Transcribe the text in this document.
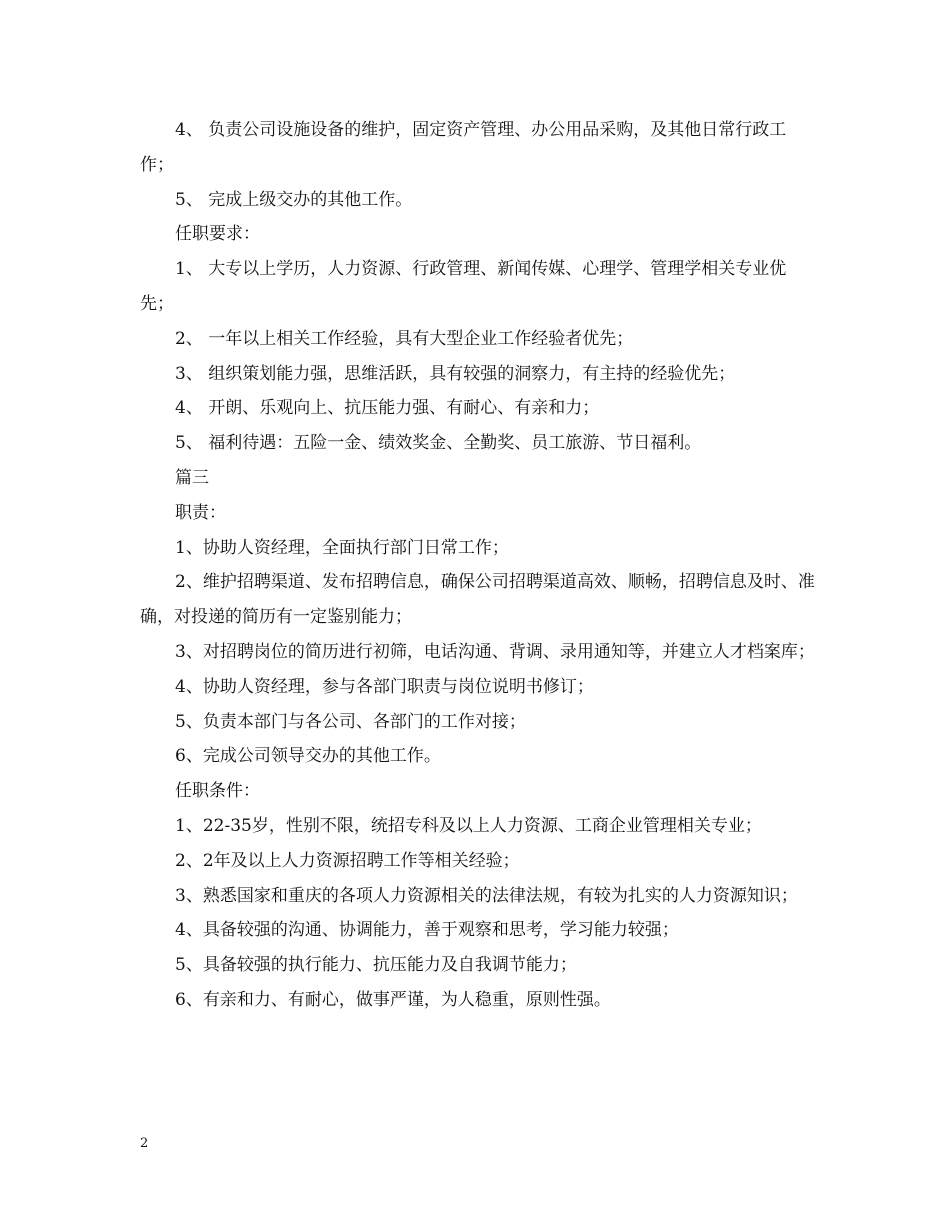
4、 负责公司设施设备的维护，固定资产管理、办公用品采购，及其他日常行政工作；

5、 完成上级交办的其他工作。

任职要求：

1、 大专以上学历，人力资源、行政管理、新闻传媒、心理学、管理学相关专业优先；

2、 一年以上相关工作经验，具有大型企业工作经验者优先；

3、 组织策划能力强，思维活跃，具有较强的洞察力，有主持的经验优先；

4、 开朗、乐观向上、抗压能力强、有耐心、有亲和力；

5、 福利待遇：五险一金、绩效奖金、全勤奖、员工旅游、节日福利。

篇三

职责：

1、协助人资经理，全面执行部门日常工作；

2、维护招聘渠道、发布招聘信息，确保公司招聘渠道高效、顺畅，招聘信息及时、准确，对投递的简历有一定鉴别能力；

3、对招聘岗位的简历进行初筛，电话沟通、背调、录用通知等，并建立人才档案库；

4、协助人资经理，参与各部门职责与岗位说明书修订；

5、负责本部门与各公司、各部门的工作对接；

6、完成公司领导交办的其他工作。

任职条件：

1、22-35岁，性别不限，统招专科及以上人力资源、工商企业管理相关专业；

2、2年及以上人力资源招聘工作等相关经验；

3、熟悉国家和重庆的各项人力资源相关的法律法规，有较为扎实的人力资源知识；

4、具备较强的沟通、协调能力，善于观察和思考，学习能力较强；

5、具备较强的执行能力、抗压能力及自我调节能力；

6、有亲和力、有耐心，做事严谨，为人稳重，原则性强。

2
